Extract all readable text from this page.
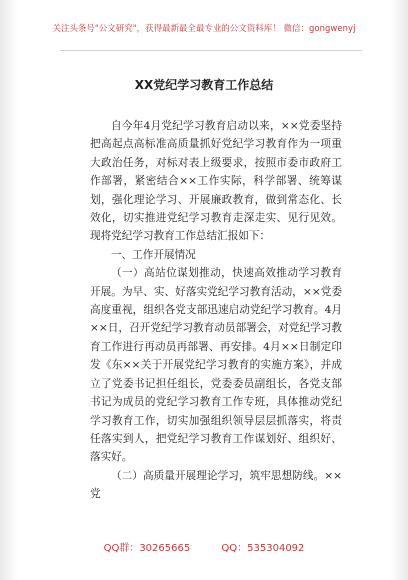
关注头条号"公文研究"，获得最新最全最专业的公文资料库！ 微信：gongwenyj
XX党纪学习教育工作总结

自今年4月党纪学习教育启动以来，××党委坚持把高起点高标准高质量抓好党纪学习教育作为一项重大政治任务，对标对表上级要求，按照市委市政府工作部署，紧密结合××工作实际，科学部署、统筹谋划，强化理论学习、开展廉政教育，做到常态化、长效化，切实推进党纪学习教育走深走实、见行见效。现将党纪学习教育工作总结汇报如下：

一、工作开展情况

（一）高站位谋划推动，快速高效推动学习教育开展。为早、实、好落实党纪学习教育活动，××党委高度重视，组织各党支部迅速启动党纪学习教育。4月××日，召开党纪学习教育动员部署会，对党纪学习教育工作进行再动员再部署、再安排。4月××日制定印发《东××关于开展党纪学习教育的实施方案》，并成立了党委书记担任组长，党委委员副组长，各党支部书记为成员的党纪学习教育工作专班，具体推动党纪学习教育工作，切实加强组织领导层层抓落实，将责任落实到人，把党纪学习教育工作谋划好、组织好、落实好。

（二）高质量开展理论学习，筑牢思想防线。××党

QQ群：30265665	QQ：535304092
